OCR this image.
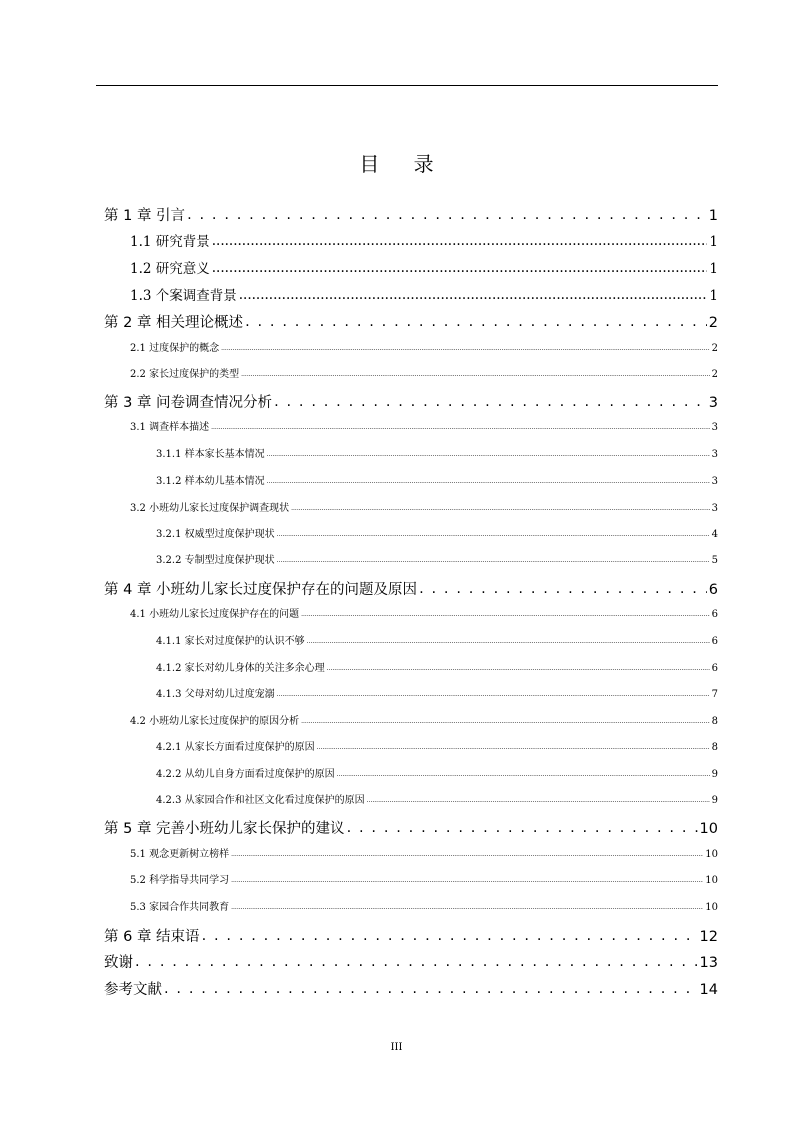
目 录
第 1 章 引言 . . .	1
1.1 研究背景 .....	1
1.2 研究意义 .....	1
1.3 个案调查背景 .....	1
第 2 章 相关理论概述 . . .	2
2.1 过度保护的概念 .....	2
2.2 家长过度保护的类型 .....	2
第 3 章 问卷调查情况分析 . . .	3
3.1 调查样本描述 .....	3
3.1.1 样本家长基本情况 .....	3
3.1.2 样本幼儿基本情况 .....	3
3.2 小班幼儿家长过度保护调查现状 .....	3
3.2.1 权威型过度保护现状 .....	4
3.2.2 专制型过度保护现状 .....	5
第 4 章 小班幼儿家长过度保护存在的问题及原因 . . .	6
4.1 小班幼儿家长过度保护存在的问题 .....	6
4.1.1 家长对过度保护的认识不够 .....	6
4.1.2 家长对幼儿身体的关注多余心理 .....	6
4.1.3 父母对幼儿过度宠溺 .....	7
4.2 小班幼儿家长过度保护的原因分析 .....	8
4.2.1 从家长方面看过度保护的原因 .....	8
4.2.2 从幼儿自身方面看过度保护的原因 .....	9
4.2.3 从家园合作和社区文化看过度保护的原因 .....	9
第 5 章 完善小班幼儿家长保护的建议 . . .	10
5.1 观念更新树立榜样 .....	10
5.2 科学指导共同学习 .....	10
5.3 家园合作共同教育 .....	10
第 6 章 结束语 . . .	12
致谢 . . .	13
参考文献 . . .	14
III
